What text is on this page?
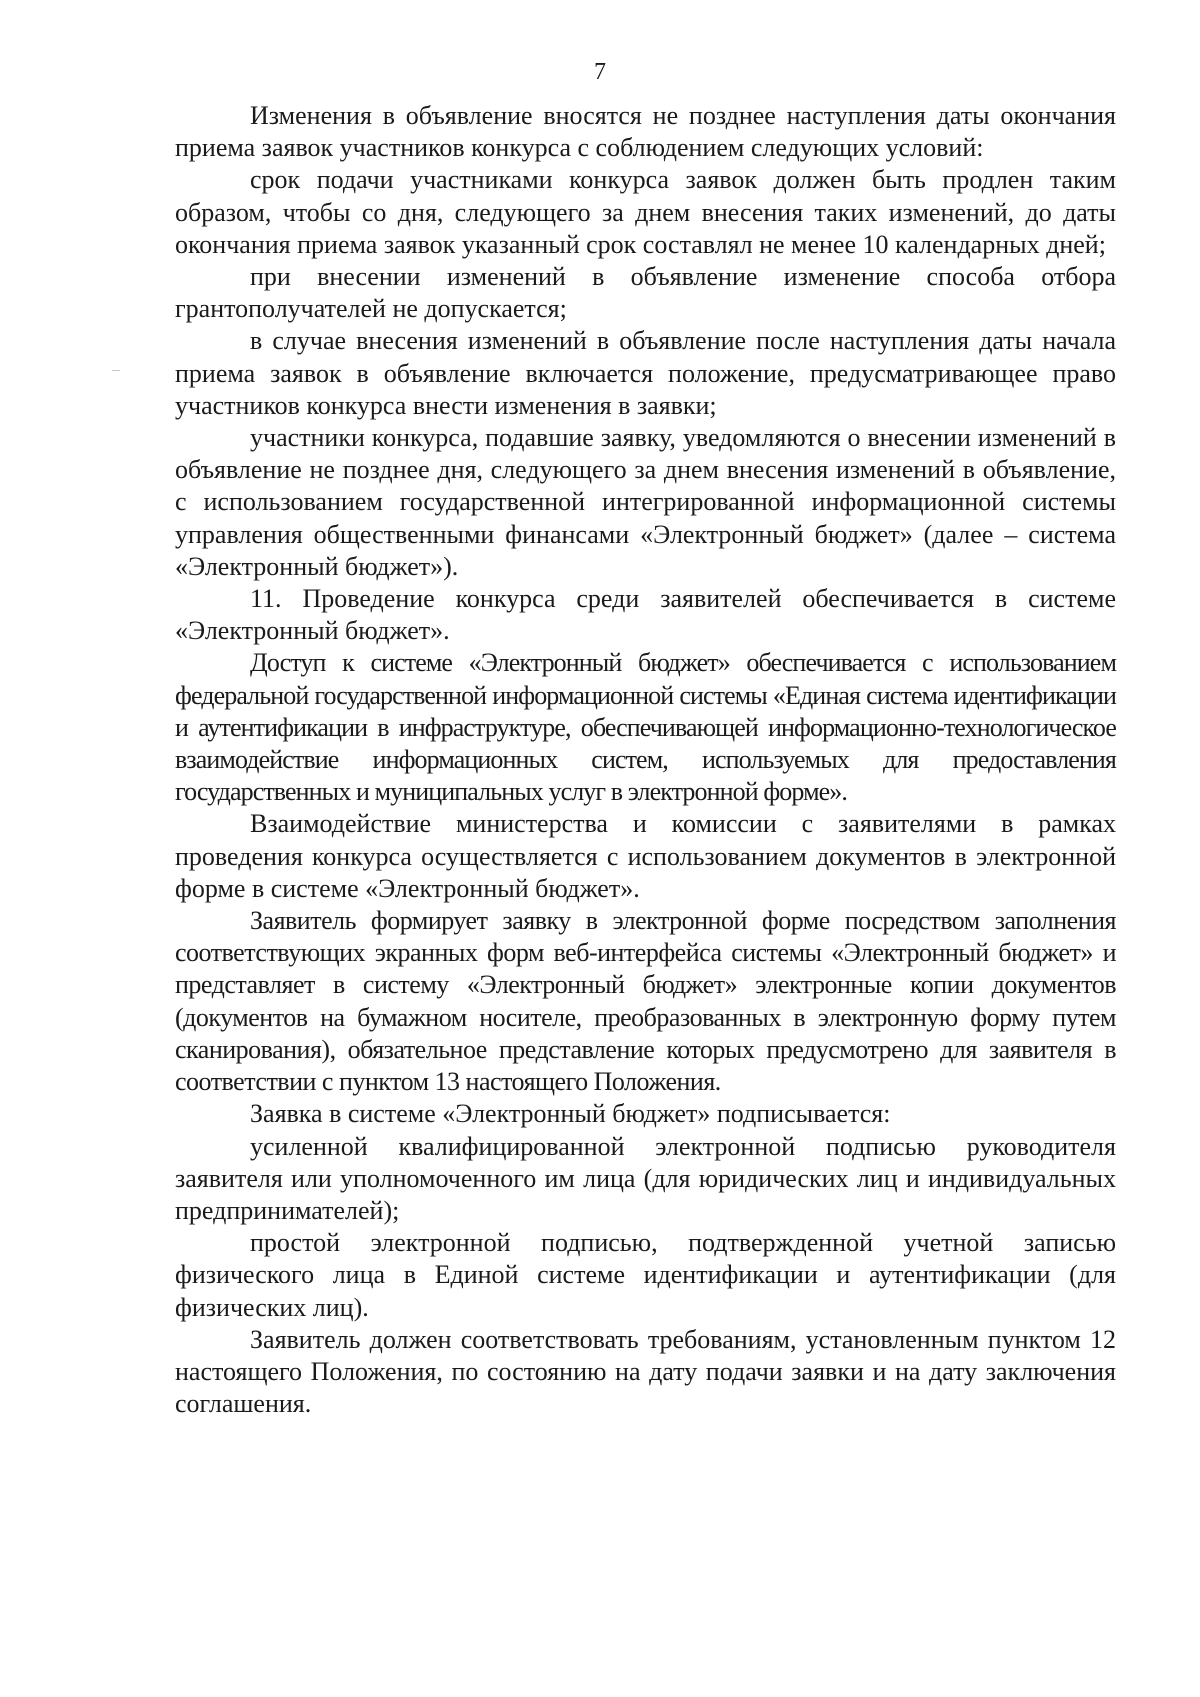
7

Изменения в объявление вносятся не позднее наступления даты окончания приема заявок участников конкурса с соблюдением следующих условий:

срок подачи участниками конкурса заявок должен быть продлен таким образом, чтобы со дня, следующего за днем внесения таких изменений, до даты окончания приема заявок указанный срок составлял не менее 10 календарных дней;

при внесении изменений в объявление изменение способа отбора грантополучателей не допускается;

в случае внесения изменений в объявление после наступления даты начала приема заявок в объявление включается положение, предусматривающее право участников конкурса внести изменения в заявки;

участники конкурса, подавшие заявку, уведомляются о внесении изменений в объявление не позднее дня, следующего за днем внесения изменений в объявление, с использованием государственной интегрированной информационной системы управления общественными финансами «Электронный бюджет» (далее – система «Электронный бюджет»).

11. Проведение конкурса среди заявителей обеспечивается в системе «Электронный бюджет».

Доступ к системе «Электронный бюджет» обеспечивается с использованием федеральной государственной информационной системы «Единая система идентификации и аутентификации в инфраструктуре, обеспечивающей информационно-технологическое взаимодействие информационных систем, используемых для предоставления государственных и муниципальных услуг в электронной форме».

Взаимодействие министерства и комиссии с заявителями в рамках проведения конкурса осуществляется с использованием документов в электронной форме в системе «Электронный бюджет».

Заявитель формирует заявку в электронной форме посредством заполнения соответствующих экранных форм веб-интерфейса системы «Электронный бюджет» и представляет в систему «Электронный бюджет» электронные копии документов (документов на бумажном носителе, преобразованных в электронную форму путем сканирования), обязательное представление которых предусмотрено для заявителя в соответствии с пунктом 13 настоящего Положения.

Заявка в системе «Электронный бюджет» подписывается:

усиленной квалифицированной электронной подписью руководителя заявителя или уполномоченного им лица (для юридических лиц и индивидуальных предпринимателей);

простой электронной подписью, подтвержденной учетной записью физического лица в Единой системе идентификации и аутентификации (для физических лиц).

Заявитель должен соответствовать требованиям, установленным пунктом 12 настоящего Положения, по состоянию на дату подачи заявки и на дату заключения соглашения.
